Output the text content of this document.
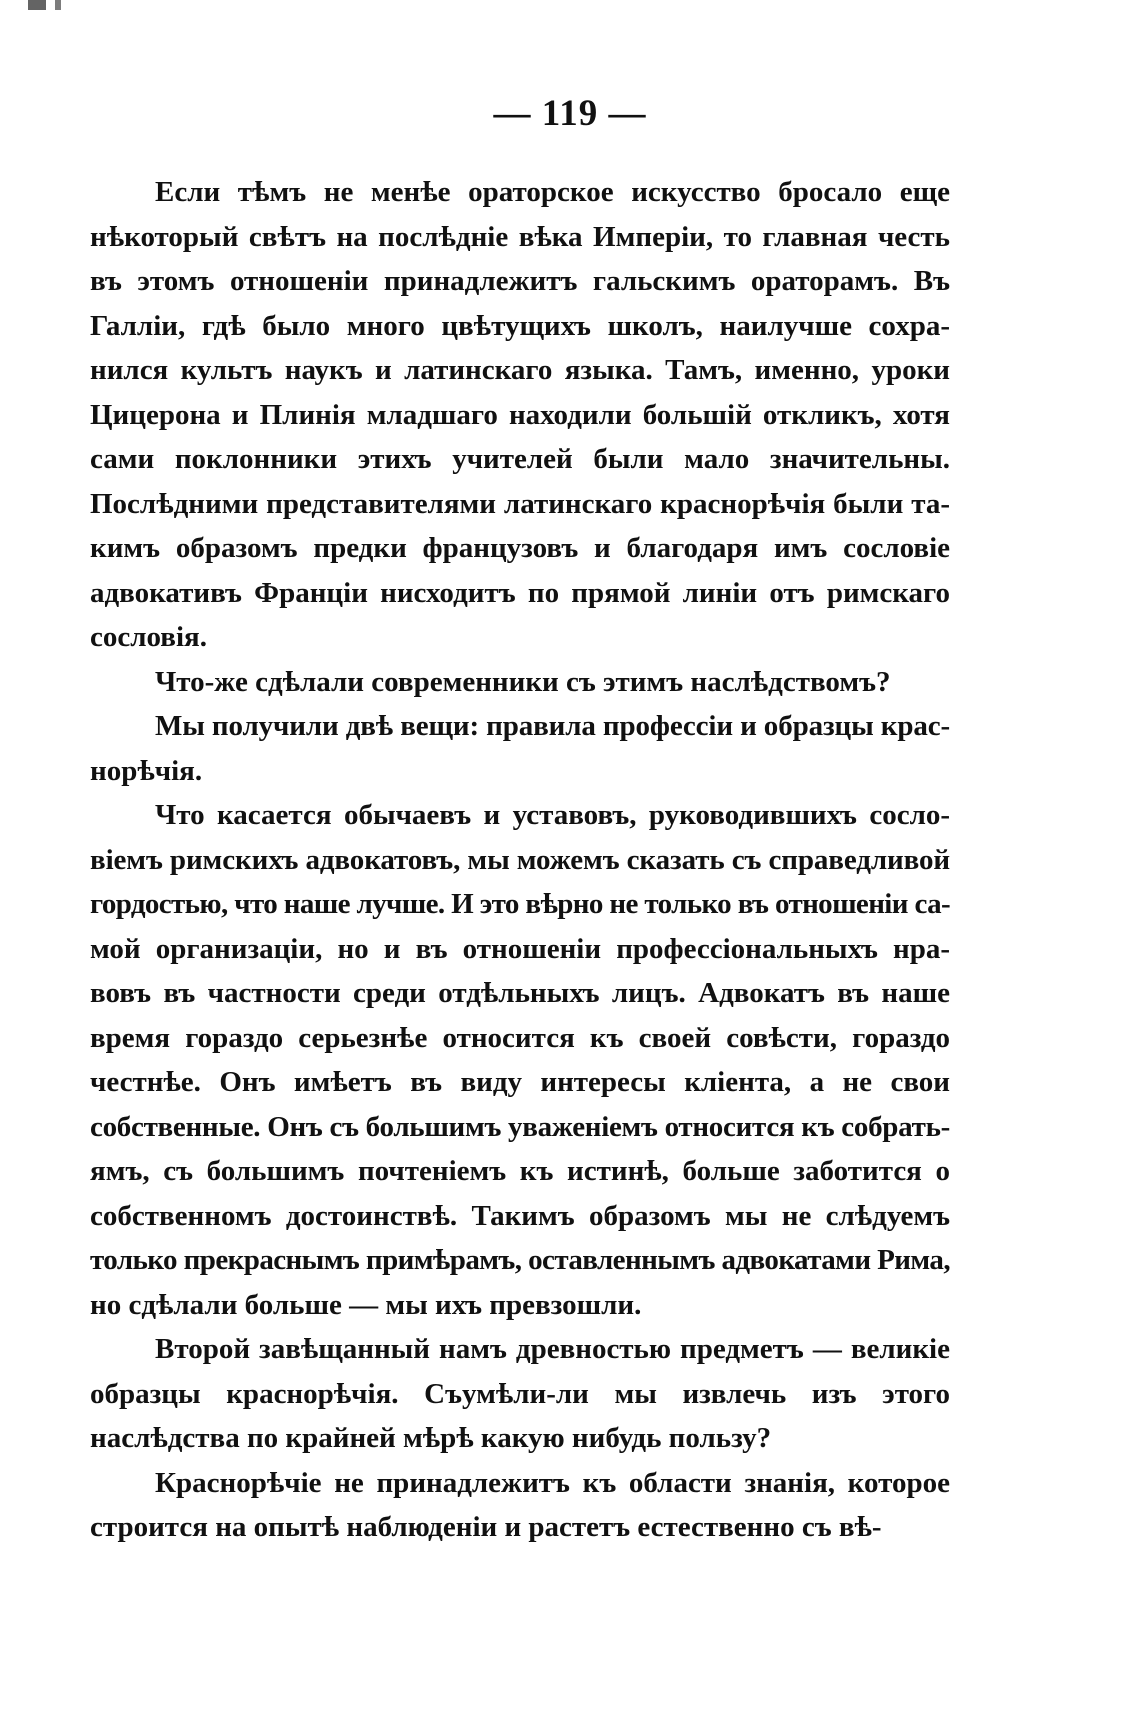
— 119 —
Если тѣмъ не менѣе ораторское искусство бросало еще
нѣкоторый свѣтъ на послѣдніе вѣка Имперіи, то главная честь
въ этомъ отношеніи принадлежитъ гальскимъ ораторамъ. Въ
Галліи, гдѣ было много цвѣтущихъ школъ, наилучше сохра-
нился культъ наукъ и латинскаго языка. Тамъ, именно, уроки
Цицерона и Плинія младшаго находили большій откликъ, хотя
сами поклонники этихъ учителей были мало значительны.
Послѣдними представителями латинскаго краснорѣчія были та-
кимъ образомъ предки французовъ и благодаря имъ сословіе
адвокативъ Франціи нисходитъ по прямой линіи отъ римскаго
сословія.
Что-же сдѣлали современники съ этимъ наслѣдствомъ?
Мы получили двѣ вещи: правила профессіи и образцы крас-
норѣчія.
Что касается обычаевъ и уставовъ, руководившихъ сосло-
віемъ римскихъ адвокатовъ, мы можемъ сказать съ справедливой
гордостью, что наше лучше. И это вѣрно не только въ отношеніи са-
мой организаціи, но и въ отношеніи профессіональныхъ нра-
вовъ въ частности среди отдѣльныхъ лицъ. Адвокатъ въ наше
время гораздо серьезнѣе относится къ своей совѣсти, гораздо
честнѣе. Онъ имѣетъ въ виду интересы кліента, а не свои
собственные. Онъ съ большимъ уваженіемъ относится къ собрать-
ямъ, съ большимъ почтеніемъ къ истинѣ, больше заботится о
собственномъ достоинствѣ. Такимъ образомъ мы не слѣдуемъ
только прекраснымъ примѣрамъ, оставленнымъ адвокатами Рима,
но сдѣлали больше — мы ихъ превзошли.
Второй завѣщанный намъ древностью предметъ — великіе
образцы краснорѣчія. Съумѣли-ли мы извлечь изъ этого
наслѣдства по крайней мѣрѣ какую нибудь пользу?
Краснорѣчіе не принадлежитъ къ области знанія, которое
строится на опытѣ наблюденіи и растетъ естественно съ вѣ-
